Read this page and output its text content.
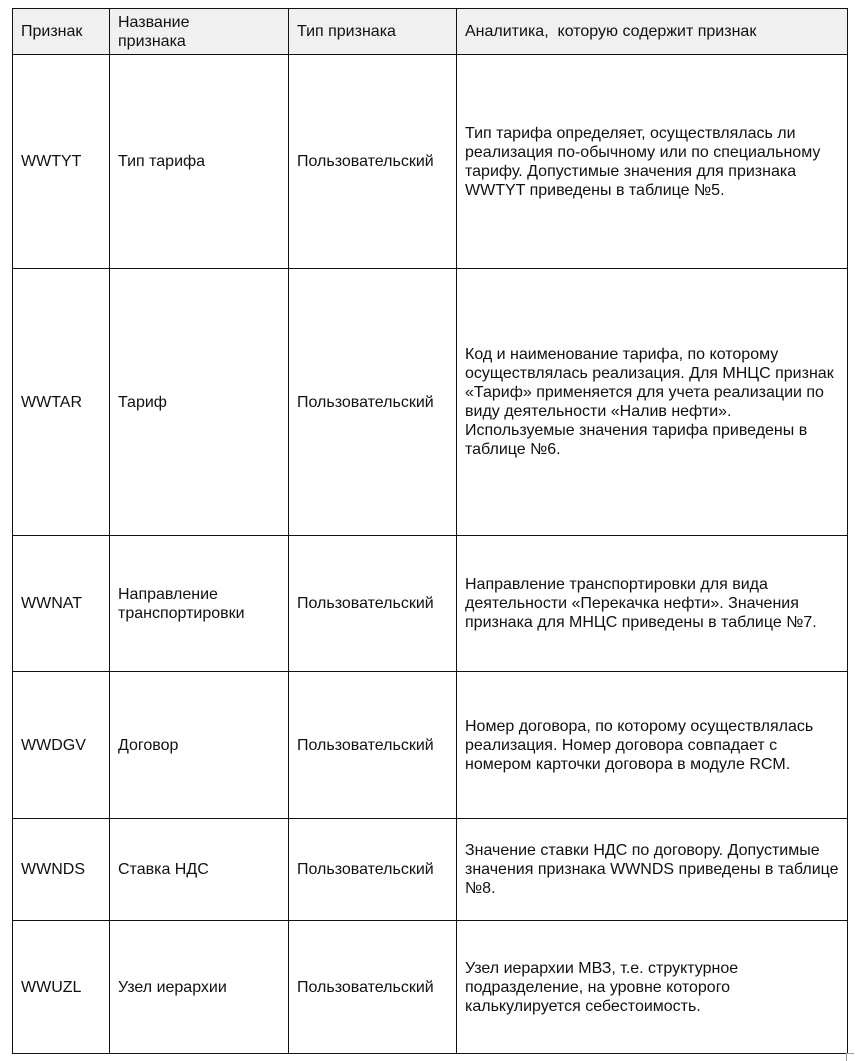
Признак	Название признака	Тип признака	Аналитика,  которую содержит признак
WWTYT	Тип тарифа	Пользовательский	Тип тарифа определяет, осуществлялась ли реализация по-обычному или по специальному тарифу. Допустимые значения для признака WWTYT приведены в таблице №5.
WWTAR	Тариф	Пользовательский	Код и наименование тарифа, по которому осуществлялась реализация. Для МНЦС признак «Тариф» применяется для учета реализации по виду деятельности «Налив нефти». Используемые значения тарифа приведены в таблице №6.
WWNAT	Направление транспортировки	Пользовательский	Направление транспортировки для вида деятельности «Перекачка нефти». Значения признака для МНЦС приведены в таблице №7.
WWDGV	Договор	Пользовательский	Номер договора, по которому осуществлялась реализация. Номер договора совпадает с номером карточки договора в модуле RCM.
WWNDS	Ставка НДС	Пользовательский	Значение ставки НДС по договору. Допустимые значения признака WWNDS приведены в таблице №8.
WWUZL	Узел иерархии	Пользовательский	Узел иерархии МВЗ, т.е. структурное подразделение, на уровне которого калькулируется себестоимость.
